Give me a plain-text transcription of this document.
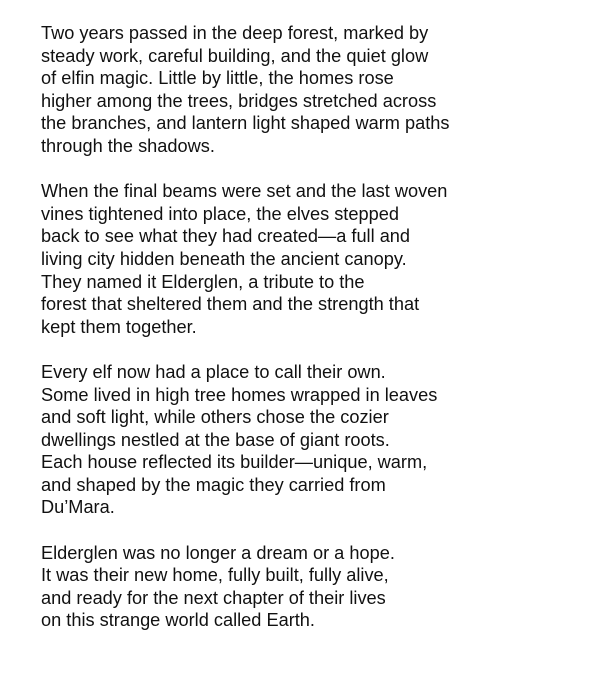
Two years passed in the deep forest, marked by
steady work, careful building, and the quiet glow
of elfin magic. Little by little, the homes rose
higher among the trees, bridges stretched across
the branches, and lantern light shaped warm paths
through the shadows.

When the final beams were set and the last woven
vines tightened into place, the elves stepped
back to see what they had created—a full and
living city hidden beneath the ancient canopy.
They named it Elderglen, a tribute to the
forest that sheltered them and the strength that
kept them together.

Every elf now had a place to call their own.
Some lived in high tree homes wrapped in leaves
and soft light, while others chose the cozier
dwellings nestled at the base of giant roots.
Each house reflected its builder—unique, warm,
and shaped by the magic they carried from
Du’Mara.

Elderglen was no longer a dream or a hope.
It was their new home, fully built, fully alive,
and ready for the next chapter of their lives
on this strange world called Earth.
